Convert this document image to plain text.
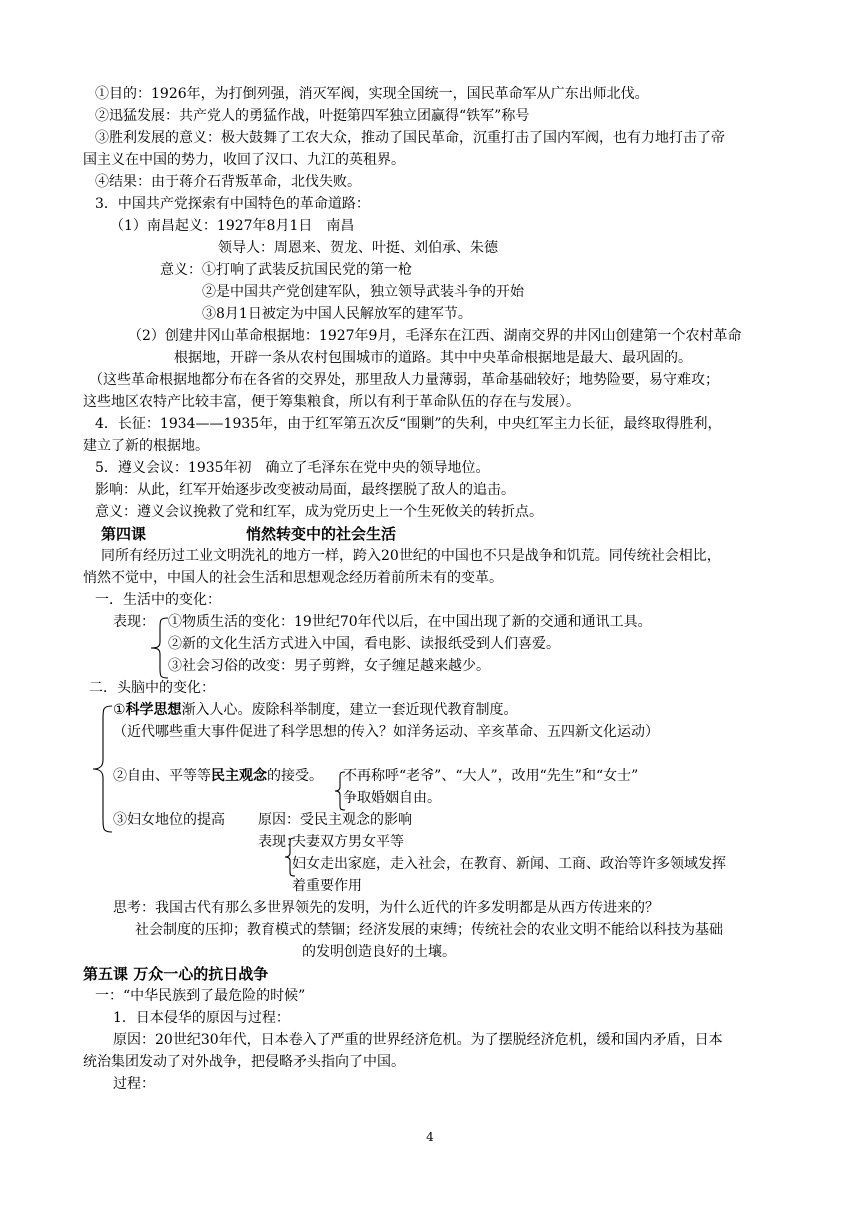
①目的：1926年，为打倒列强，消灭军阀，实现全国统一，国民革命军从广东出师北伐。
②迅猛发展：共产党人的勇猛作战，叶挺第四军独立团赢得“铁军”称号
③胜利发展的意义：极大鼓舞了工农大众，推动了国民革命，沉重打击了国内军阀，也有力地打击了帝
国主义在中国的势力，收回了汉口、九江的英租界。
④结果：由于蒋介石背叛革命，北伐失败。
3．中国共产党探索有中国特色的革命道路：
（1）南昌起义：1927年8月1日　南昌
领导人：周恩来、贺龙、叶挺、刘伯承、朱德
意义：①打响了武装反抗国民党的第一枪
②是中国共产党创建军队，独立领导武装斗争的开始
③8月1日被定为中国人民解放军的建军节。
（2）创建井冈山革命根据地：1927年9月，毛泽东在江西、湖南交界的井冈山创建第一个农村革命
根据地，开辟一条从农村包围城市的道路。其中中央革命根据地是最大、最巩固的。
（这些革命根据地都分布在各省的交界处，那里敌人力量薄弱，革命基础较好；地势险要，易守难攻；
这些地区农特产比较丰富，便于筹集粮食，所以有利于革命队伍的存在与发展）。
4．长征：1934——1935年，由于红军第五次反“围剿”的失利，中央红军主力长征，最终取得胜利，
建立了新的根据地。
5．遵义会议：1935年初　确立了毛泽东在党中央的领导地位。
影响：从此，红军开始逐步改变被动局面，最终摆脱了敌人的追击。
意义：遵义会议挽救了党和红军，成为党历史上一个生死攸关的转折点。
第四课	悄然转变中的社会生活
同所有经历过工业文明洗礼的地方一样，跨入20世纪的中国也不只是战争和饥荒。同传统社会相比，
悄然不觉中，中国人的社会生活和思想观念经历着前所未有的变革。
一．生活中的变化：
表现： ①物质生活的变化：19世纪70年代以后，在中国出现了新的交通和通讯工具。
②新的文化生活方式进入中国，看电影、读报纸受到人们喜爱。
③社会习俗的改变：男子剪辫，女子缠足越来越少。
二．头脑中的变化：
①科学思想渐入人心。废除科举制度，建立一套近现代教育制度。
（近代哪些重大事件促进了科学思想的传入？如洋务运动、辛亥革命、五四新文化运动）
②自由、平等等民主观念的接受。 不再称呼“老爷”、“大人”，改用“先生”和“女士”
争取婚姻自由。
③妇女地位的提高 原因：受民主观念的影响
表现：
夫妻双方男女平等
妇女走出家庭，走入社会，在教育、新闻、工商、政治等许多领域发挥
着重要作用
思考：我国古代有那么多世界领先的发明，为什么近代的许多发明都是从西方传进来的？
社会制度的压抑；教育模式的禁锢；经济发展的束缚；传统社会的农业文明不能给以科技为基础
的发明创造良好的土壤。
第五课 万众一心的抗日战争
一：“中华民族到了最危险的时候”
1．日本侵华的原因与过程：
原因：20世纪30年代，日本卷入了严重的世界经济危机。为了摆脱经济危机，缓和国内矛盾，日本
统治集团发动了对外战争，把侵略矛头指向了中国。
过程：
4
